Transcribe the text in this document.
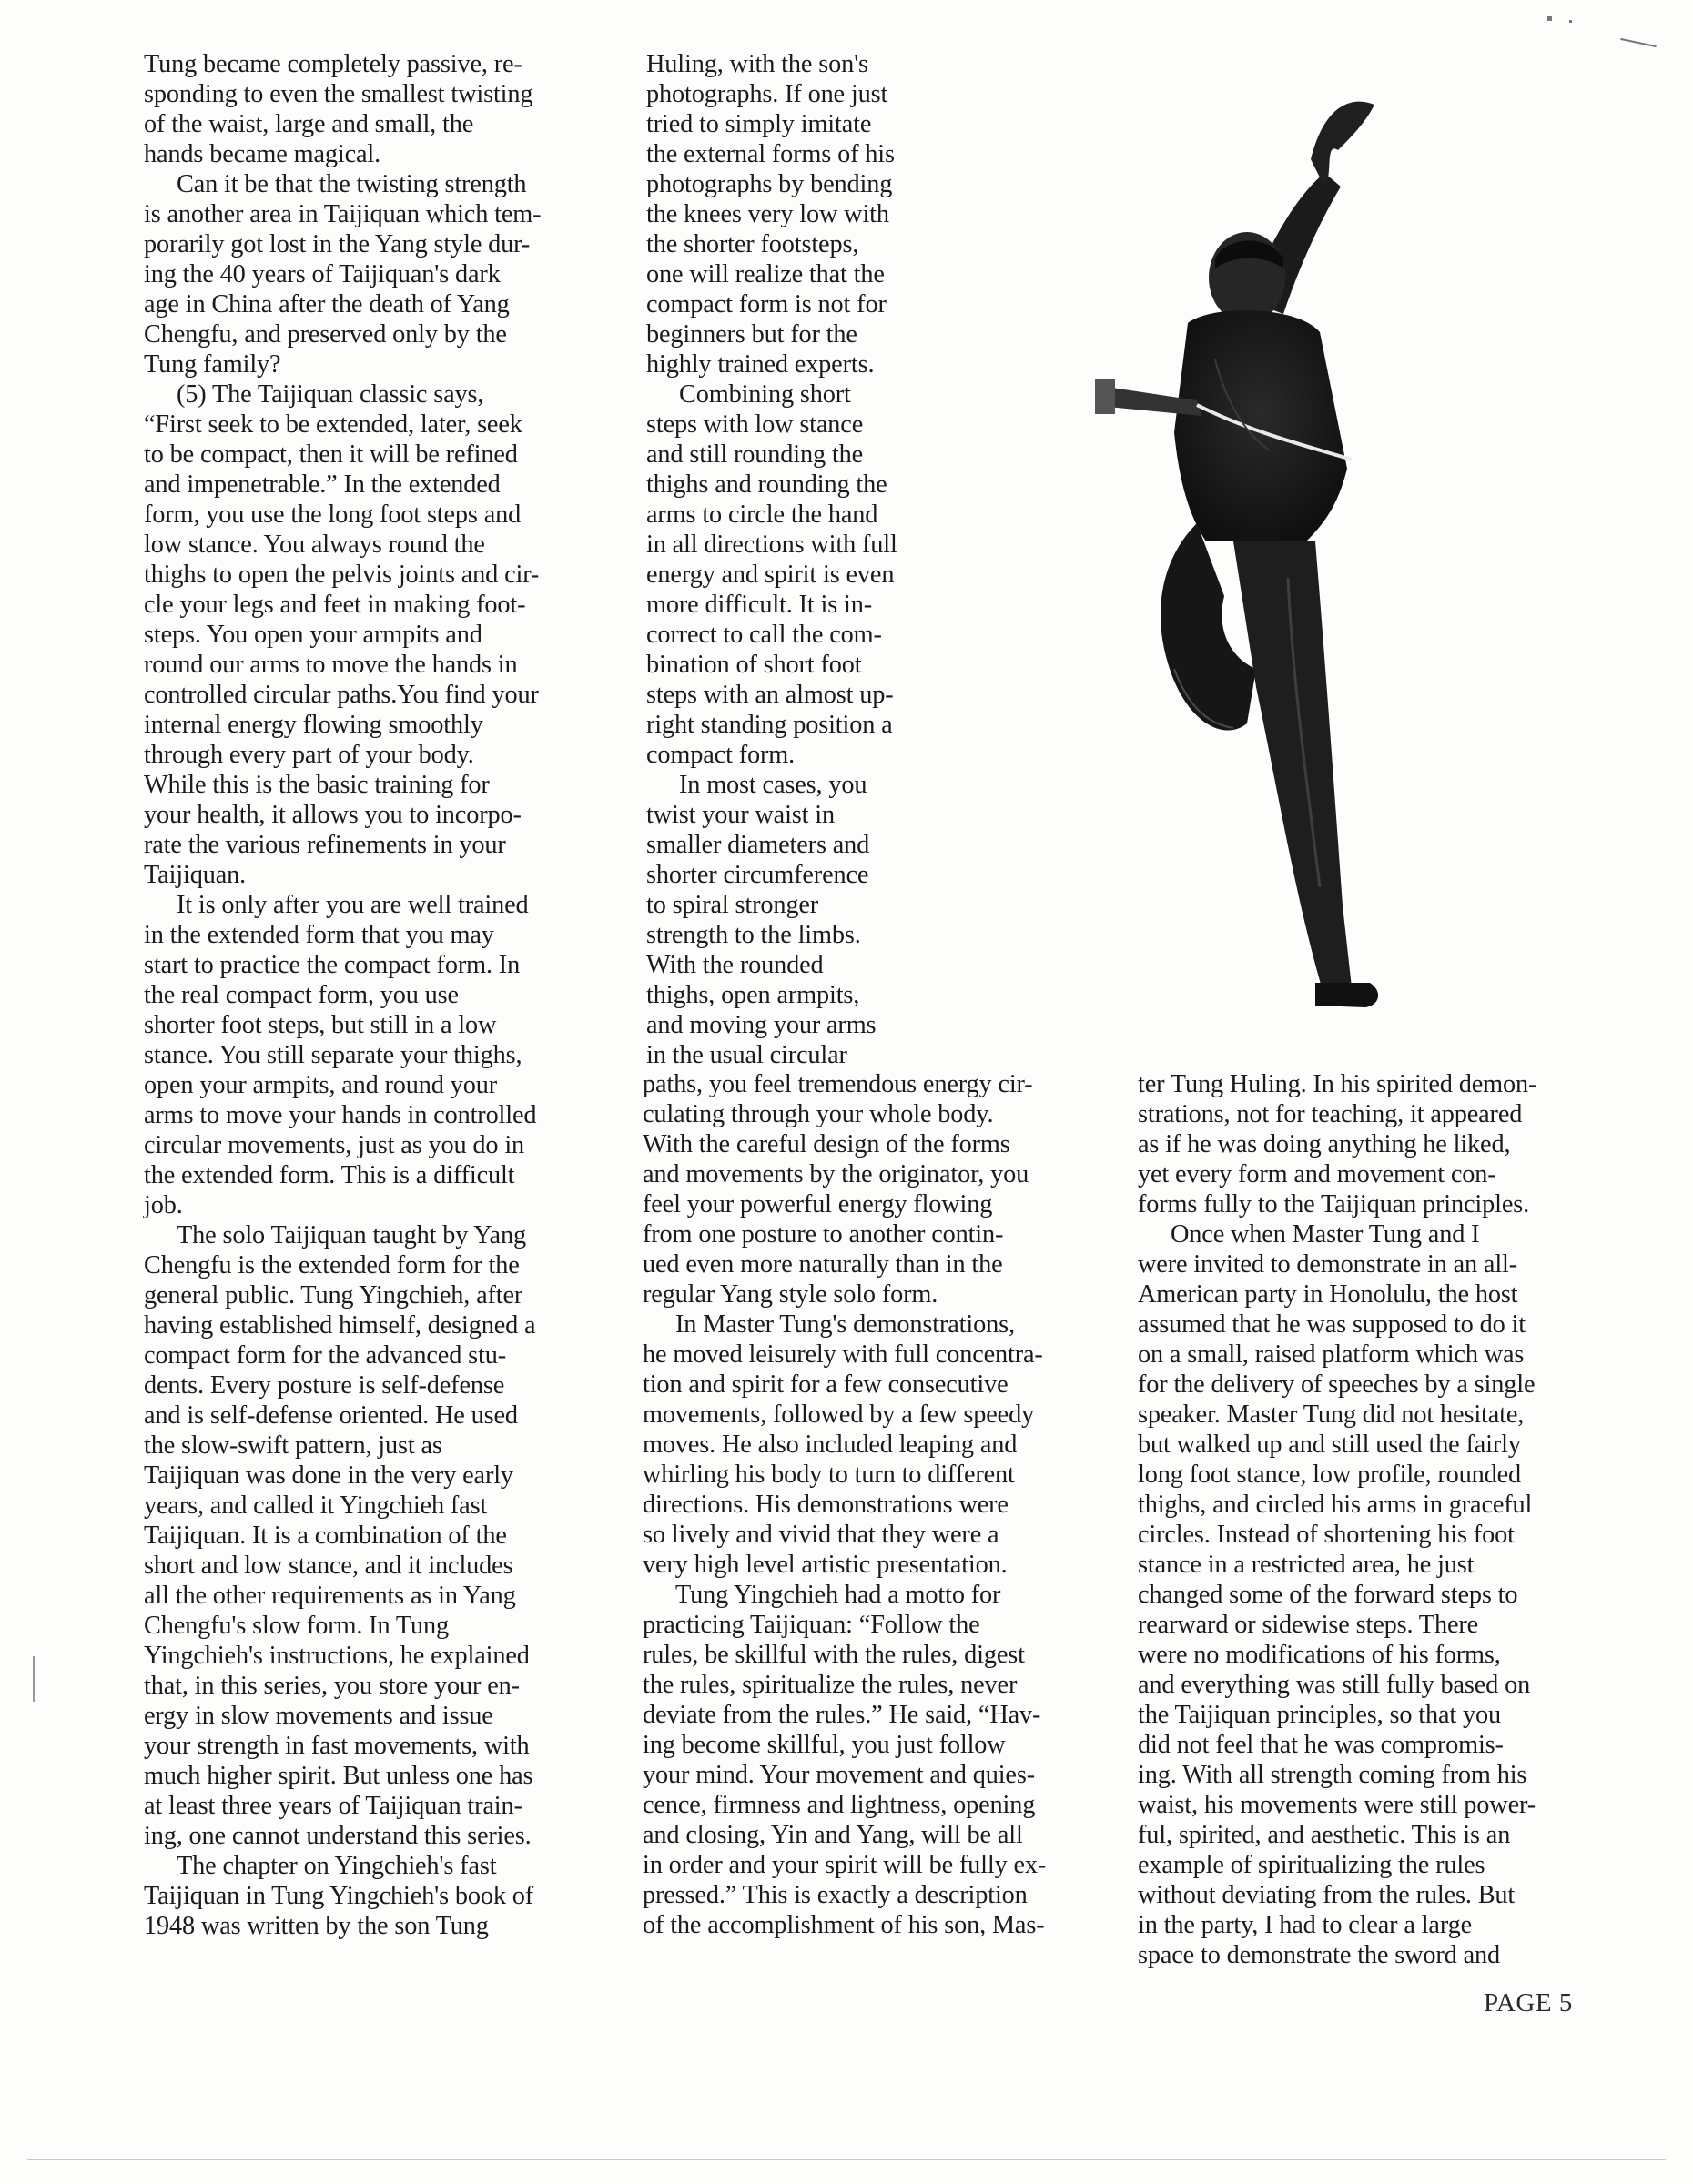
Tung became completely passive, re-
sponding to even the smallest twisting
of the waist, large and small, the
hands became magical.
Can it be that the twisting strength
is another area in Taijiquan which tem-
porarily got lost in the Yang style dur-
ing the 40 years of Taijiquan's dark
age in China after the death of Yang
Chengfu, and preserved only by the
Tung family?
(5) The Taijiquan classic says,
“First seek to be extended, later, seek
to be compact, then it will be refined
and impenetrable.” In the extended
form, you use the long foot steps and
low stance. You always round the
thighs to open the pelvis joints and cir-
cle your legs and feet in making foot-
steps. You open your armpits and
round our arms to move the hands in
controlled circular paths.You find your
internal energy flowing smoothly
through every part of your body.
While this is the basic training for
your health, it allows you to incorpo-
rate the various refinements in your
Taijiquan.
It is only after you are well trained
in the extended form that you may
start to practice the compact form. In
the real compact form, you use
shorter foot steps, but still in a low
stance. You still separate your thighs,
open your armpits, and round your
arms to move your hands in controlled
circular movements, just as you do in
the extended form. This is a difficult
job.
The solo Taijiquan taught by Yang
Chengfu is the extended form for the
general public. Tung Yingchieh, after
having established himself, designed a
compact form for the advanced stu-
dents. Every posture is self-defense
and is self-defense oriented. He used
the slow-swift pattern, just as
Taijiquan was done in the very early
years, and called it Yingchieh fast
Taijiquan. It is a combination of the
short and low stance, and it includes
all the other requirements as in Yang
Chengfu's slow form. In Tung
Yingchieh's instructions, he explained
that, in this series, you store your en-
ergy in slow movements and issue
your strength in fast movements, with
much higher spirit. But unless one has
at least three years of Taijiquan train-
ing, one cannot understand this series.
The chapter on Yingchieh's fast
Taijiquan in Tung Yingchieh's book of
1948 was written by the son Tung
Huling, with the son's
photographs. If one just
tried to simply imitate
the external forms of his
photographs by bending
the knees very low with
the shorter footsteps,
one will realize that the
compact form is not for
beginners but for the
highly trained experts.
Combining short
steps with low stance
and still rounding the
thighs and rounding the
arms to circle the hand
in all directions with full
energy and spirit is even
more difficult. It is in-
correct to call the com-
bination of short foot
steps with an almost up-
right standing position a
compact form.
In most cases, you
twist your waist in
smaller diameters and
shorter circumference
to spiral stronger
strength to the limbs.
With the rounded
thighs, open armpits,
and moving your arms
in the usual circular
paths, you feel tremendous energy cir-
culating through your whole body.
With the careful design of the forms
and movements by the originator, you
feel your powerful energy flowing
from one posture to another contin-
ued even more naturally than in the
regular Yang style solo form.
In Master Tung's demonstrations,
he moved leisurely with full concentra-
tion and spirit for a few consecutive
movements, followed by a few speedy
moves. He also included leaping and
whirling his body to turn to different
directions. His demonstrations were
so lively and vivid that they were a
very high level artistic presentation.
Tung Yingchieh had a motto for
practicing Taijiquan: “Follow the
rules, be skillful with the rules, digest
the rules, spiritualize the rules, never
deviate from the rules.” He said, “Hav-
ing become skillful, you just follow
your mind. Your movement and quies-
cence, firmness and lightness, opening
and closing, Yin and Yang, will be all
in order and your spirit will be fully ex-
pressed.” This is exactly a description
of the accomplishment of his son, Mas-
ter Tung Huling. In his spirited demon-
strations, not for teaching, it appeared
as if he was doing anything he liked,
yet every form and movement con-
forms fully to the Taijiquan principles.
Once when Master Tung and I
were invited to demonstrate in an all-
American party in Honolulu, the host
assumed that he was supposed to do it
on a small, raised platform which was
for the delivery of speeches by a single
speaker. Master Tung did not hesitate,
but walked up and still used the fairly
long foot stance, low profile, rounded
thighs, and circled his arms in graceful
circles. Instead of shortening his foot
stance in a restricted area, he just
changed some of the forward steps to
rearward or sidewise steps. There
were no modifications of his forms,
and everything was still fully based on
the Taijiquan principles, so that you
did not feel that he was compromis-
ing. With all strength coming from his
waist, his movements were still power-
ful, spirited, and aesthetic. This is an
example of spiritualizing the rules
without deviating from the rules. But
in the party, I had to clear a large
space to demonstrate the sword and
PAGE 5
